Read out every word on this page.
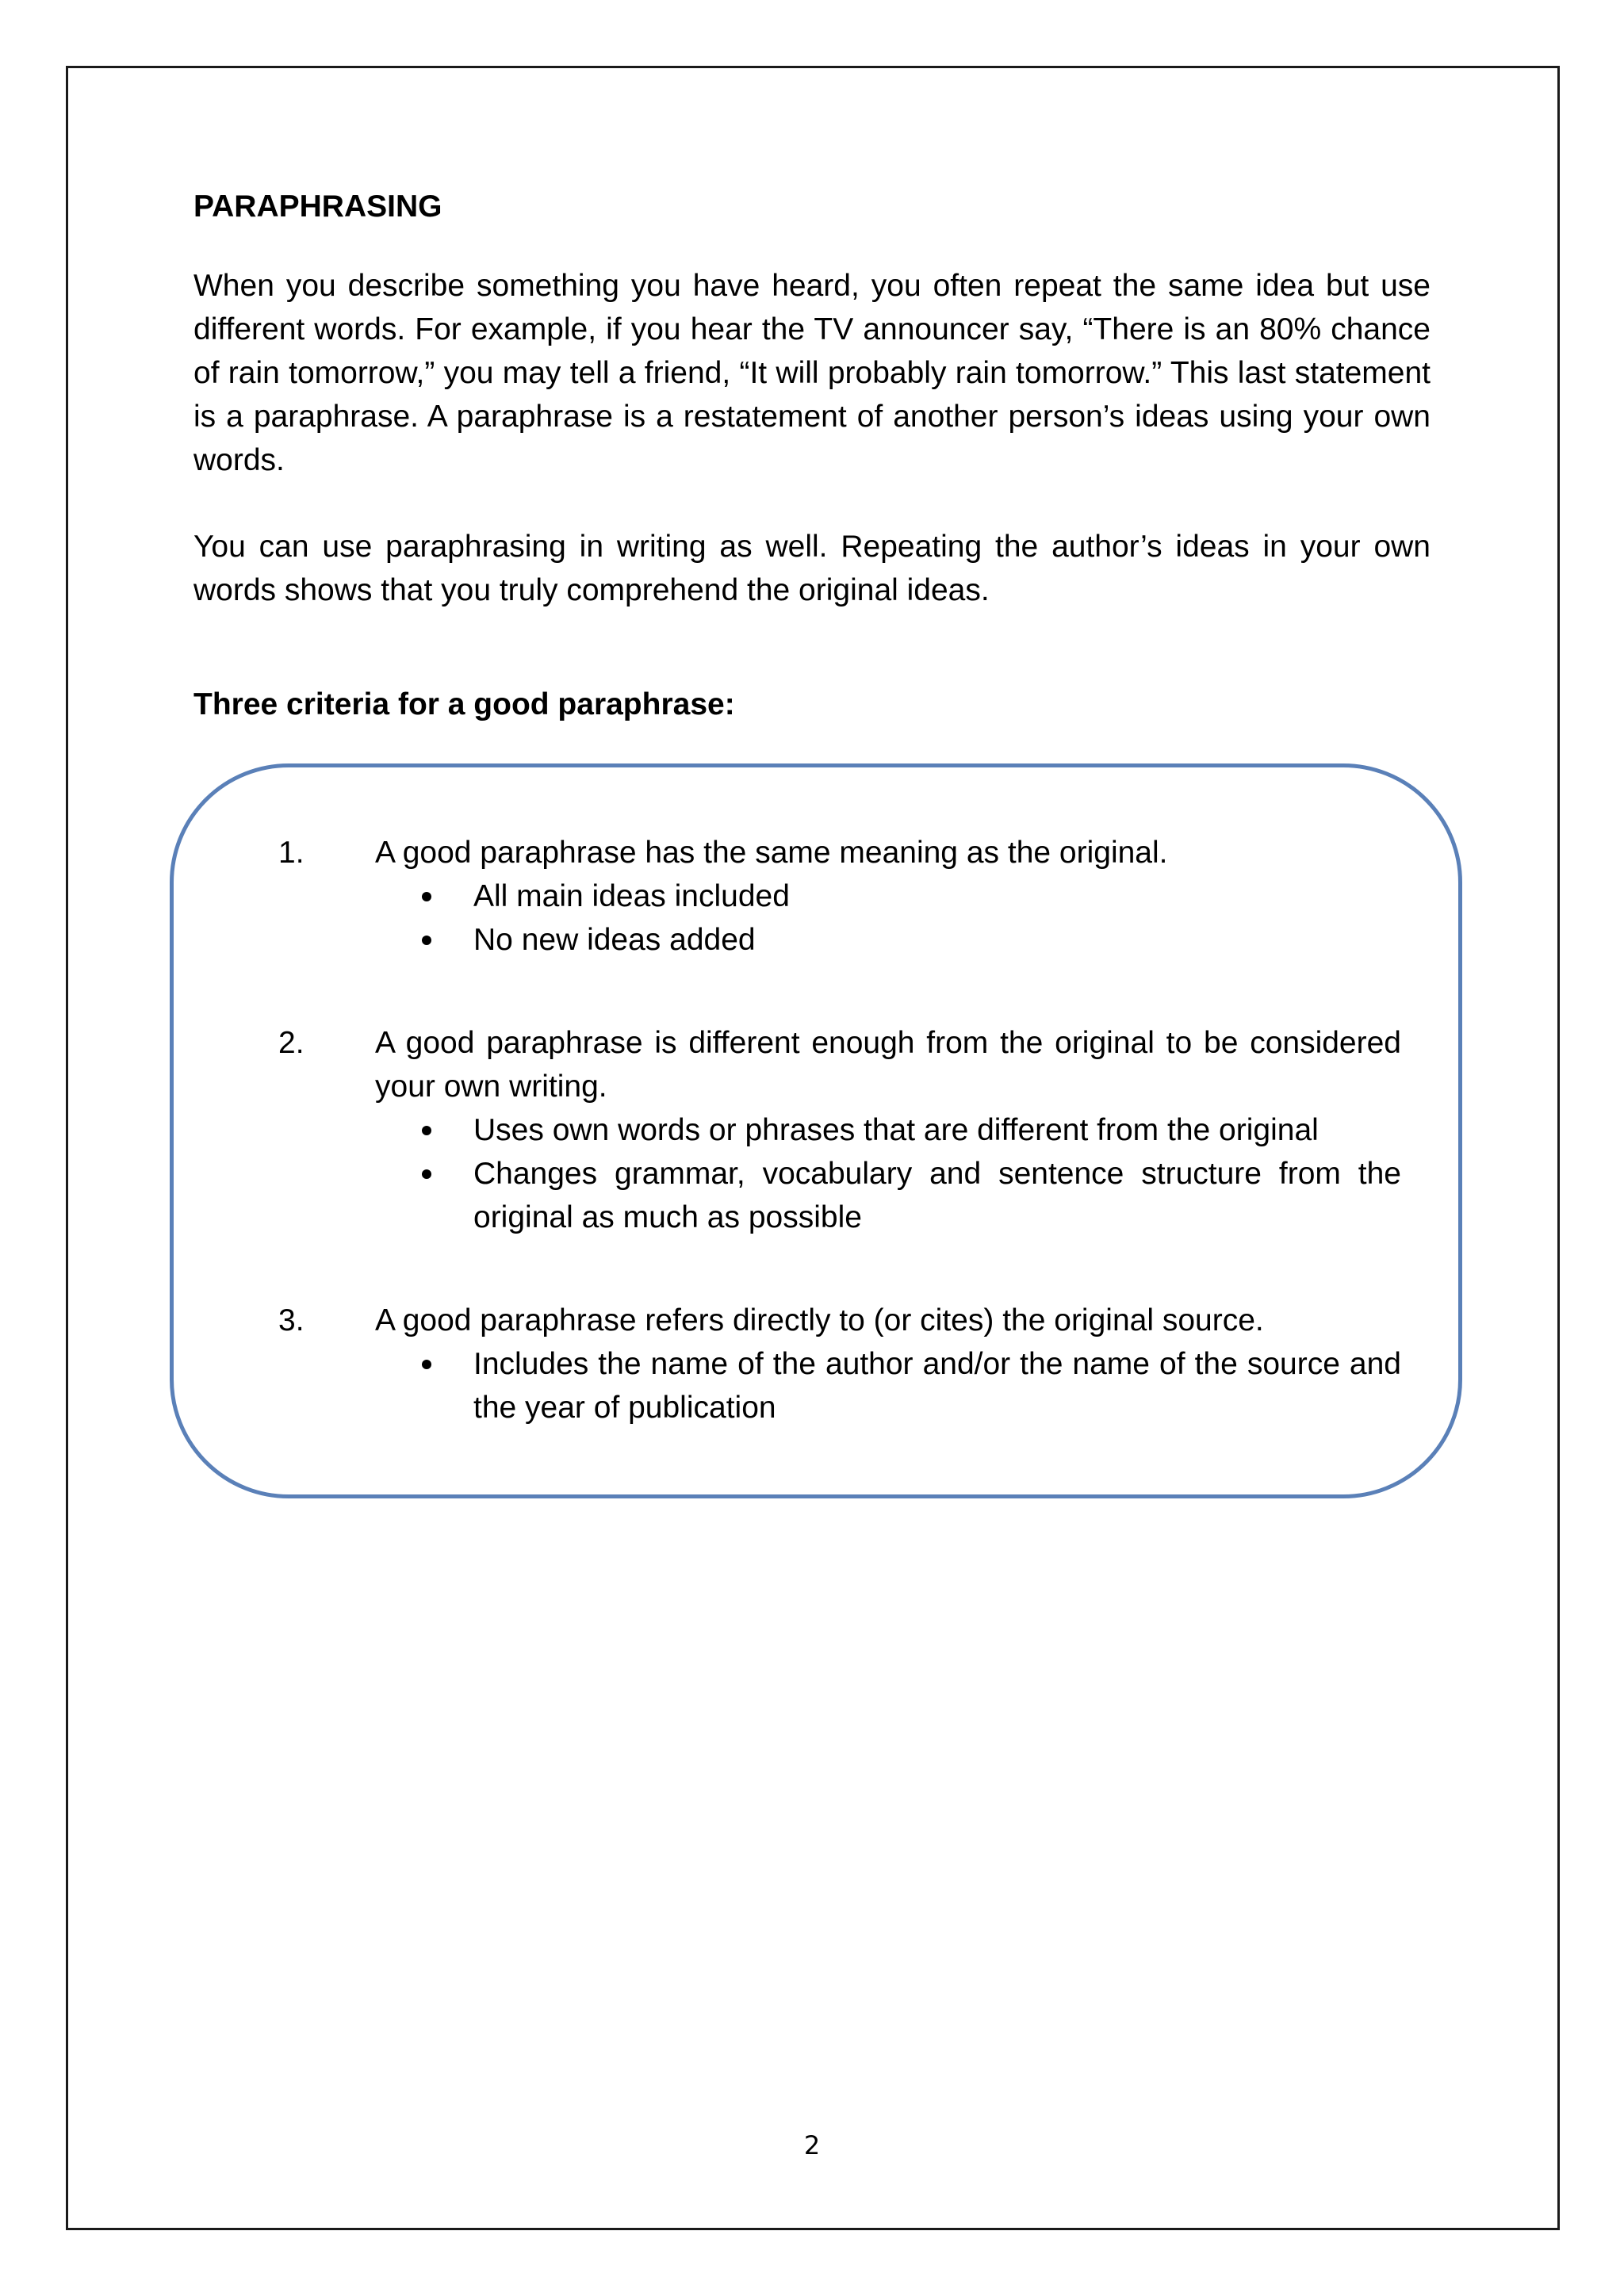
PARAPHRASING

When you describe something you have heard, you often repeat the same idea but use different words. For example, if you hear the TV announcer say, “There is an 80% chance of rain tomorrow,” you may tell a friend, “It will probably rain tomorrow.” This last statement is a paraphrase. A paraphrase is a restatement of another person’s ideas using your own words.

You can use paraphrasing in writing as well. Repeating the author’s ideas in your own words shows that you truly comprehend the original ideas.

Three criteria for a good paraphrase:
1. A good paraphrase has the same meaning as the original.

All main ideas included
No new ideas added
2. A good paraphrase is different enough from the original to be considered your own writing.

Uses own words or phrases that are different from the original
Changes grammar, vocabulary and sentence structure from the original as much as possible
3. A good paraphrase refers directly to (or cites) the original source.

Includes the name of the author and/or the name of the source and the year of publication
2
